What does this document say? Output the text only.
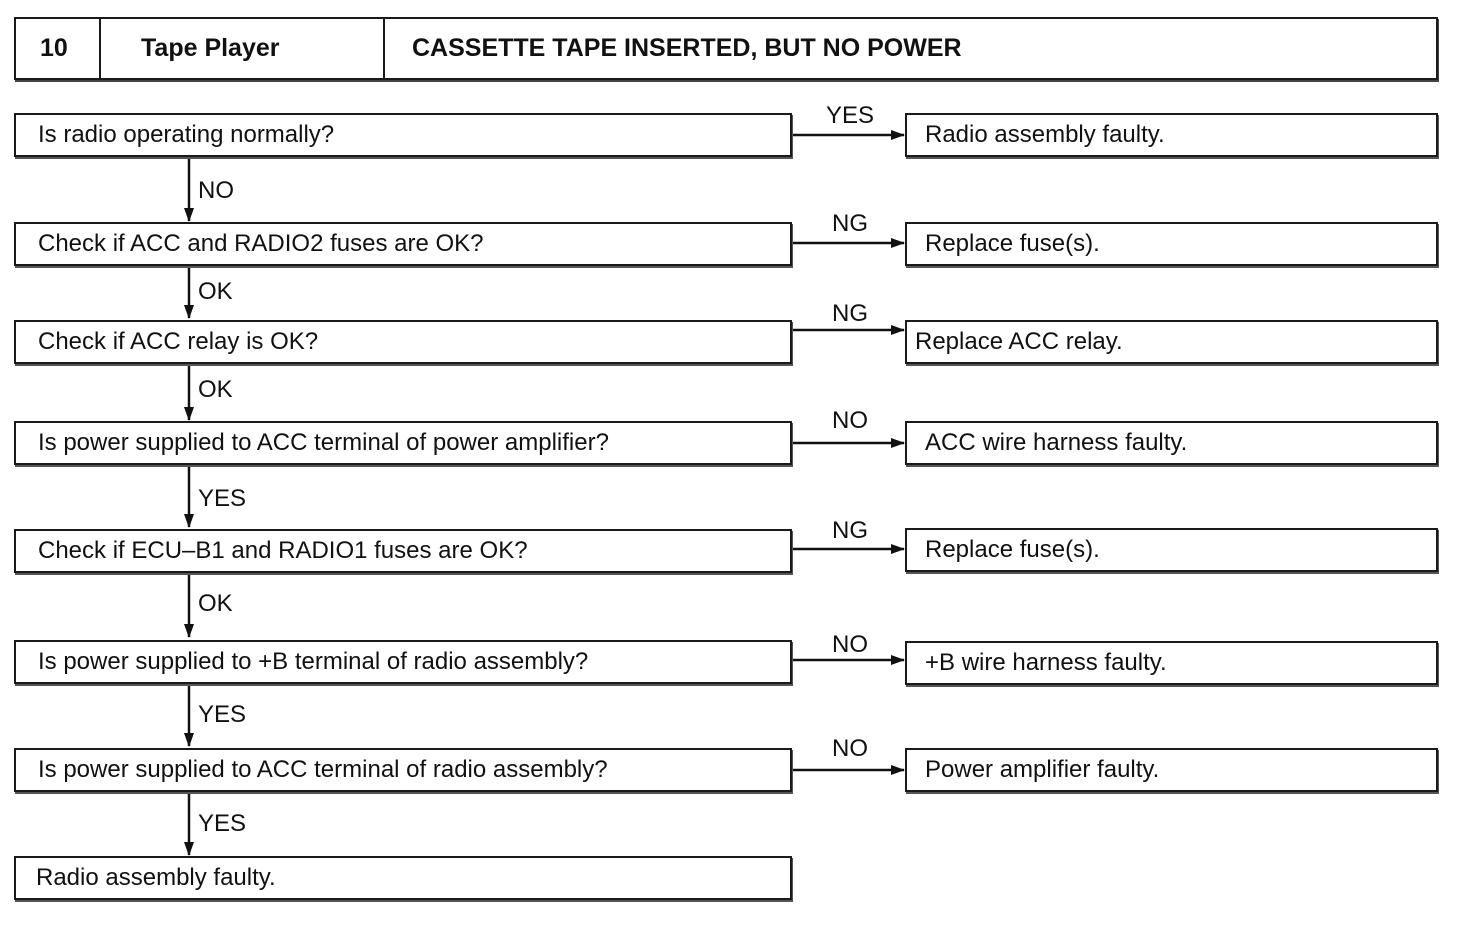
10	Tape Player	CASSETTE TAPE INSERTED, BUT NO POWER
Is radio operating normally?
YES
Radio assembly faulty.
NO
Check if ACC and RADIO2 fuses are OK?
NG
Replace fuse(s).
OK
Check if ACC relay is OK?
NG
Replace ACC relay.
OK
Is power supplied to ACC terminal of power amplifier?
NO
ACC wire harness faulty.
YES
Check if ECU–B1 and RADIO1 fuses are OK?
NG
Replace fuse(s).
OK
Is power supplied to +B terminal of radio assembly?
NO
+B wire harness faulty.
YES
Is power supplied to ACC terminal of radio assembly?
NO
Power amplifier faulty.
YES
Radio assembly faulty.
